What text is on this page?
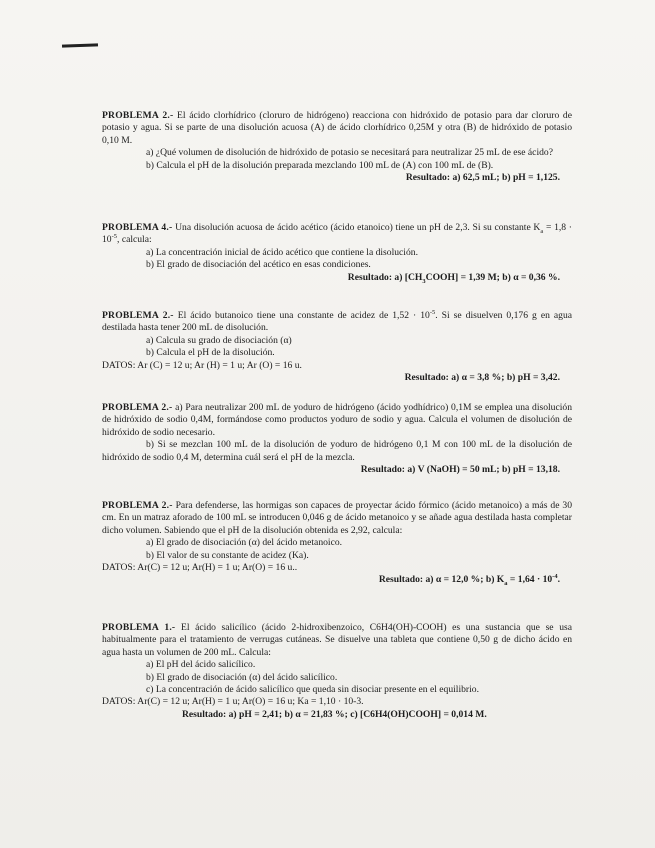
PROBLEMA 2.- El ácido clorhídrico (cloruro de hidrógeno) reacciona con hidróxido de potasio para dar cloruro de potasio y agua. Si se parte de una disolución acuosa (A) de ácido clorhídrico 0,25M y otra (B) de hidróxido de potasio 0,10 M.

a) ¿Qué volumen de disolución de hidróxido de potasio se necesitará para neutralizar 25 mL de ese ácido?

b) Calcula el pH de la disolución preparada mezclando 100 mL de (A) con 100 mL de (B).

Resultado: a) 62,5 mL; b) pH = 1,125.

PROBLEMA 4.- Una disolución acuosa de ácido acético (ácido etanoico) tiene un pH de 2,3. Si su constante $K_a = 1,8 \cdot 10^{-5}$, calcula:

a) La concentración inicial de ácido acético que contiene la disolución.

b) El grado de disociación del acético en esas condiciones.

Resultado: a) $[CH_3COOH] = 1,39$ M; b) α = 0,36 %.

PROBLEMA 2.- El ácido butanoico tiene una constante de acidez de $1,52 \cdot 10^{-5}$. Si se disuelven 0,176 g en agua destilada hasta tener 200 mL de disolución.

a) Calcula su grado de disociación (α)

b) Calcula el pH de la disolución.

DATOS: Ar (C) = 12 u; Ar (H) = 1 u; Ar (O) = 16 u.

Resultado: a) α = 3,8 %; b) pH = 3,42.

PROBLEMA 2.- a) Para neutralizar 200 mL de yoduro de hidrógeno (ácido yodhídrico) 0,1M se emplea una disolución de hidróxido de sodio 0,4M, formándose como productos yoduro de sodio y agua. Calcula el volumen de disolución de hidróxido de sodio necesario.

b) Si se mezclan 100 mL de la disolución de yoduro de hidrógeno 0,1 M con 100 mL de la disolución de hidróxido de sodio 0,4 M, determina cuál será el pH de la mezcla.

Resultado: a) V (NaOH) = 50 mL; b) pH = 13,18.

PROBLEMA 2.- Para defenderse, las hormigas son capaces de proyectar ácido fórmico (ácido metanoico) a más de 30 cm. En un matraz aforado de 100 mL se introducen 0,046 g de ácido metanoico y se añade agua destilada hasta completar dicho volumen. Sabiendo que el pH de la disolución obtenida es 2,92, calcula:

a) El grado de disociación (α) del ácido metanoico.

b) El valor de su constante de acidez (Ka).

DATOS: Ar(C) = 12 u; Ar(H) = 1 u; Ar(O) = 16 u..

Resultado: a) α = 12,0 %; b) $K_a = 1,64 \cdot 10^{-4}$.

PROBLEMA 1.- El ácido salicílico (ácido 2-hidroxibenzoico, C6H4(OH)-COOH) es una sustancia que se usa habitualmente para el tratamiento de verrugas cutáneas. Se disuelve una tableta que contiene 0,50 g de dicho ácido en agua hasta un volumen de 200 mL. Calcula:

a) El pH del ácido salicílico.

b) El grado de disociación (α) del ácido salicílico.

c) La concentración de ácido salicílico que queda sin disociar presente en el equilibrio.

DATOS: Ar(C) = 12 u; Ar(H) = 1 u; Ar(O) = 16 u; Ka = 1,10 · 10-3.

Resultado: a) pH = 2,41; b) α = 21,83 %; c) [C6H4(OH)COOH] = 0,014 M.
